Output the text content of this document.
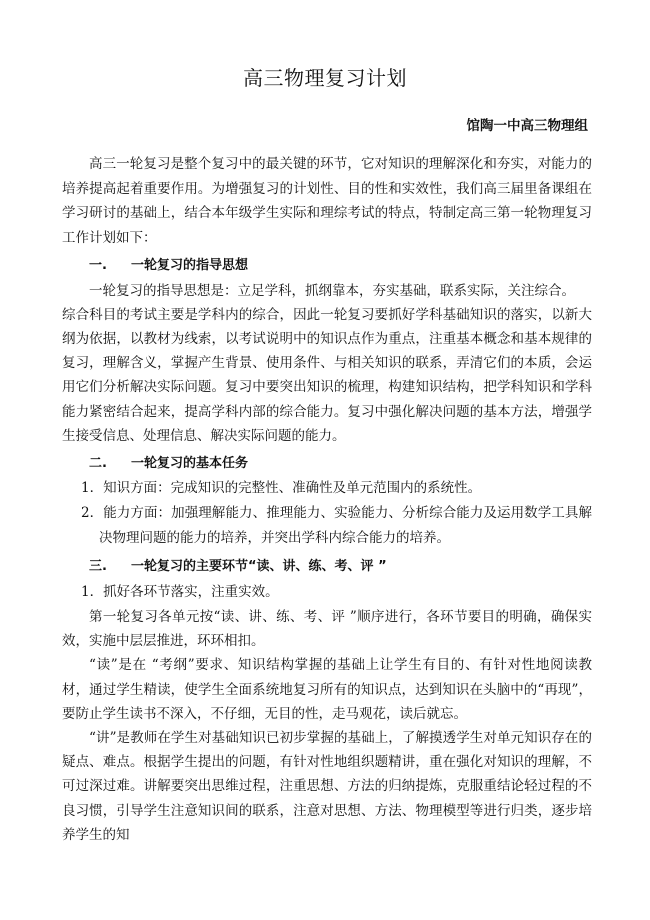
高三物理复习计划
馆陶一中高三物理组

高三一轮复习是整个复习中的最关键的环节，它对知识的理解深化和夯实，对能力的培养提高起着重要作用。为增强复习的计划性、目的性和实效性，我们高三届里备课组在学习研讨的基础上，结合本年级学生实际和理综考试的特点，特制定高三第一轮物理复习工作计划如下：

一. 一轮复习的指导思想

一轮复习的指导思想是：立足学科，抓纲靠本，夯实基础，联系实际，关注综合。

综合科目的考试主要是学科内的综合，因此一轮复习要抓好学科基础知识的落实，以新大纲为依据，以教材为线索，以考试说明中的知识点作为重点，注重基本概念和基本规律的复习，理解含义，掌握产生背景、使用条件、与相关知识的联系，弄清它们的本质，会运用它们分析解决实际问题。复习中要突出知识的梳理，构建知识结构，把学科知识和学科能力紧密结合起来，提高学科内部的综合能力。复习中强化解决问题的基本方法，增强学生接受信息、处理信息、解决实际问题的能力。

二. 一轮复习的基本任务

1．知识方面：完成知识的完整性、准确性及单元范围内的系统性。

2．能力方面：加强理解能力、推理能力、实验能力、分析综合能力及运用数学工具解决物理问题的能力的培养，并突出学科内综合能力的培养。

三. 一轮复习的主要环节“读、讲、练、考、评 ”

1．抓好各环节落实，注重实效。

第一轮复习各单元按“读、讲、练、考、评 ”顺序进行，各环节要目的明确，确保实效，实施中层层推进，环环相扣。

“读”是在 “考纲”要求、知识结构掌握的基础上让学生有目的、有针对性地阅读教材，通过学生精读，使学生全面系统地复习所有的知识点，达到知识在头脑中的“再现”，要防止学生读书不深入，不仔细，无目的性，走马观花，读后就忘。

“讲”是教师在学生对基础知识已初步掌握的基础上，了解摸透学生对单元知识存在的疑点、难点。根据学生提出的问题，有针对性地组织题精讲，重在强化对知识的理解，不可过深过难。讲解要突出思维过程，注重思想、方法的归纳提炼，克服重结论轻过程的不良习惯，引导学生注意知识间的联系，注意对思想、方法、物理模型等进行归类，逐步培养学生的知
